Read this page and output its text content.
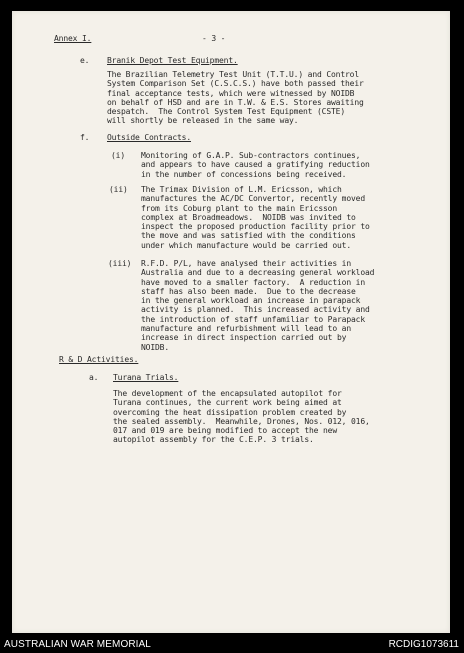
Annex I.	- 3 -
e. Branik Depot Test Equipment.
The Brazilian Telemetry Test Unit (T.T.U.) and Control
System Comparison Set (C.S.C.S.) have both passed their
final acceptance tests, which were witnessed by NOIDB
on behalf of HSD and are in T.W. & E.S. Stores awaiting
despatch.  The Control System Test Equipment (CSTE)
will shortly be released in the same way.
f. Outside Contracts.
(i) Monitoring of G.A.P. Sub-contractors continues,
and appears to have caused a gratifying reduction
in the number of concessions being received.
(ii) The Trimax Division of L.M. Ericsson, which
manufactures the AC/DC Convertor, recently moved
from its Coburg plant to the main Ericsson
complex at Broadmeadows.  NOIDB was invited to
inspect the proposed production facility prior to
the move and was satisfied with the conditions
under which manufacture would be carried out.
(iii) R.F.D. P/L, have analysed their activities in
Australia and due to a decreasing general workload
have moved to a smaller factory.  A reduction in
staff has also been made.  Due to the decrease
in the general workload an increase in parapack
activity is planned.  This increased activity and
the introduction of staff unfamiliar to Parapack
manufacture and refurbishment will lead to an
increase in direct inspection carried out by
NOIDB.
R & D Activities.
a. Turana Trials.
The development of the encapsulated autopilot for
Turana continues, the current work being aimed at
overcoming the heat dissipation problem created by
the sealed assembly.  Meanwhile, Drones, Nos. 012, 016,
017 and 019 are being modified to accept the new
autopilot assembly for the C.E.P. 3 trials.
AUSTRALIAN WAR MEMORIAL	RCDIG1073611
